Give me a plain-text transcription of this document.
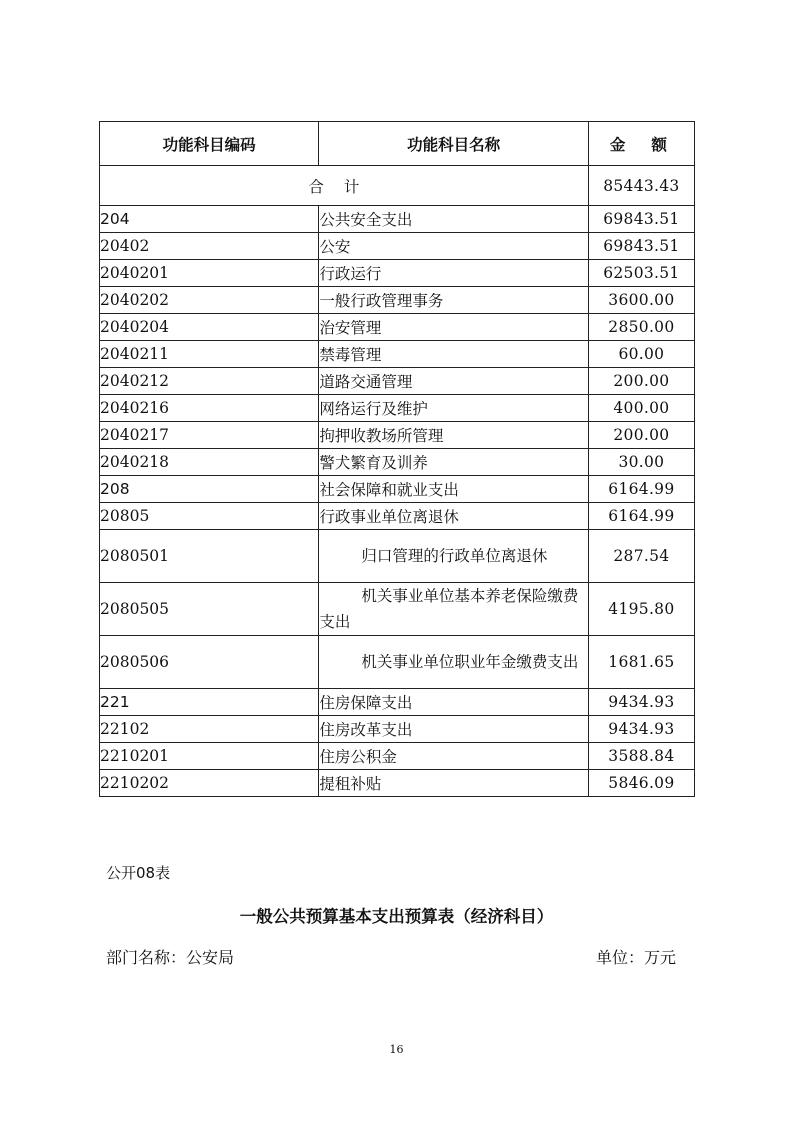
功能科目编码	功能科目名称	金额
合计		85443.43
204	公共安全支出	69843.51
20402	公安	69843.51
2040201	行政运行	62503.51
2040202	一般行政管理事务	3600.00
2040204	治安管理	2850.00
2040211	禁毒管理	60.00
2040212	道路交通管理	200.00
2040216	网络运行及维护	400.00
2040217	拘押收教场所管理	200.00
2040218	警犬繁育及训养	30.00
208	社会保障和就业支出	6164.99
20805	行政事业单位离退休	6164.99
2080501	归口管理的行政单位离退休	287.54
2080505	机关事业单位基本养老保险缴费支出	4195.80
2080506	机关事业单位职业年金缴费支出	1681.65
221	住房保障支出	9434.93
22102	住房改革支出	9434.93
2210201	住房公积金	3588.84
2210202	提租补贴	5846.09
公开08表
一般公共预算基本支出预算表（经济科目）
部门名称：公安局	单位：万元
16
